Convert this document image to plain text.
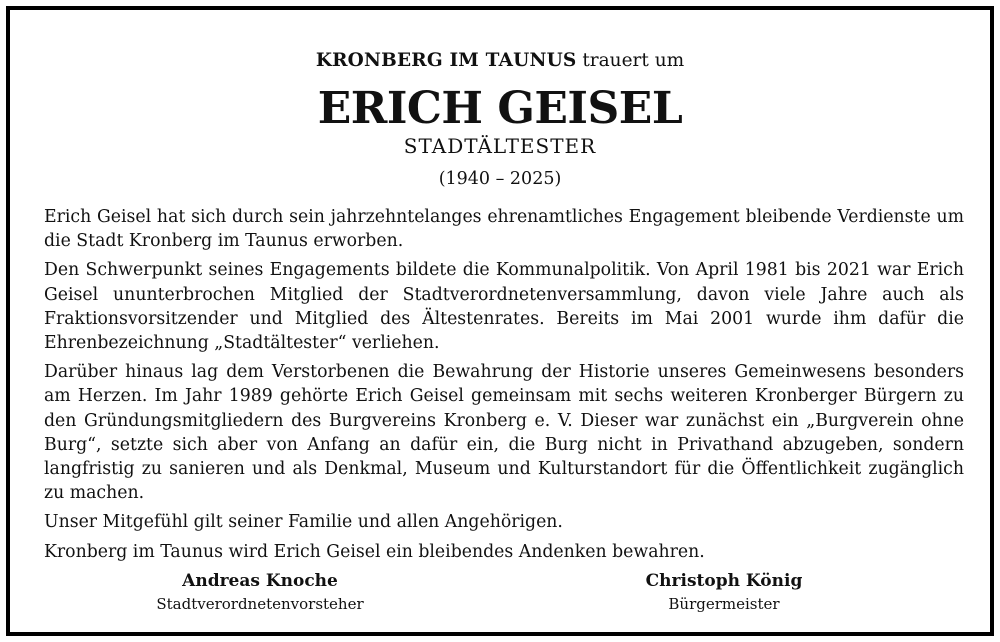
KRONBERG IM TAUNUS trauert um
ERICH GEISEL
STADTÄLTESTER
(1940 – 2025)

Erich Geisel hat sich durch sein jahrzehntelanges ehrenamtliches Engagement bleibende Verdienste um die Stadt Kronberg im Taunus erworben.

Den Schwerpunkt seines Engagements bildete die Kommunalpolitik. Von April 1981 bis 2021 war Erich Geisel ununterbrochen Mitglied der Stadtverordnetenversammlung, davon viele Jahre auch als Fraktionsvorsitzender und Mitglied des Ältestenrates. Bereits im Mai 2001 wurde ihm dafür die Ehrenbezeichnung „Stadtältester“ verliehen.

Darüber hinaus lag dem Verstorbenen die Bewahrung der Historie unseres Gemeinwesens besonders am Herzen. Im Jahr 1989 gehörte Erich Geisel gemeinsam mit sechs weiteren Kronberger Bürgern zu den Gründungsmitgliedern des Burgvereins Kronberg e. V. Dieser war zunächst ein „Burgverein ohne Burg“, setzte sich aber von Anfang an dafür ein, die Burg nicht in Privathand abzugeben, sondern langfristig zu sanieren und als Denkmal, Museum und Kulturstandort für die Öffentlichkeit zugänglich zu machen.

Unser Mitgefühl gilt seiner Familie und allen Angehörigen.

Kronberg im Taunus wird Erich Geisel ein bleibendes Andenken bewahren.

Andreas Knoche
Stadtverordnetenvorsteher
Christoph König
Bürgermeister
